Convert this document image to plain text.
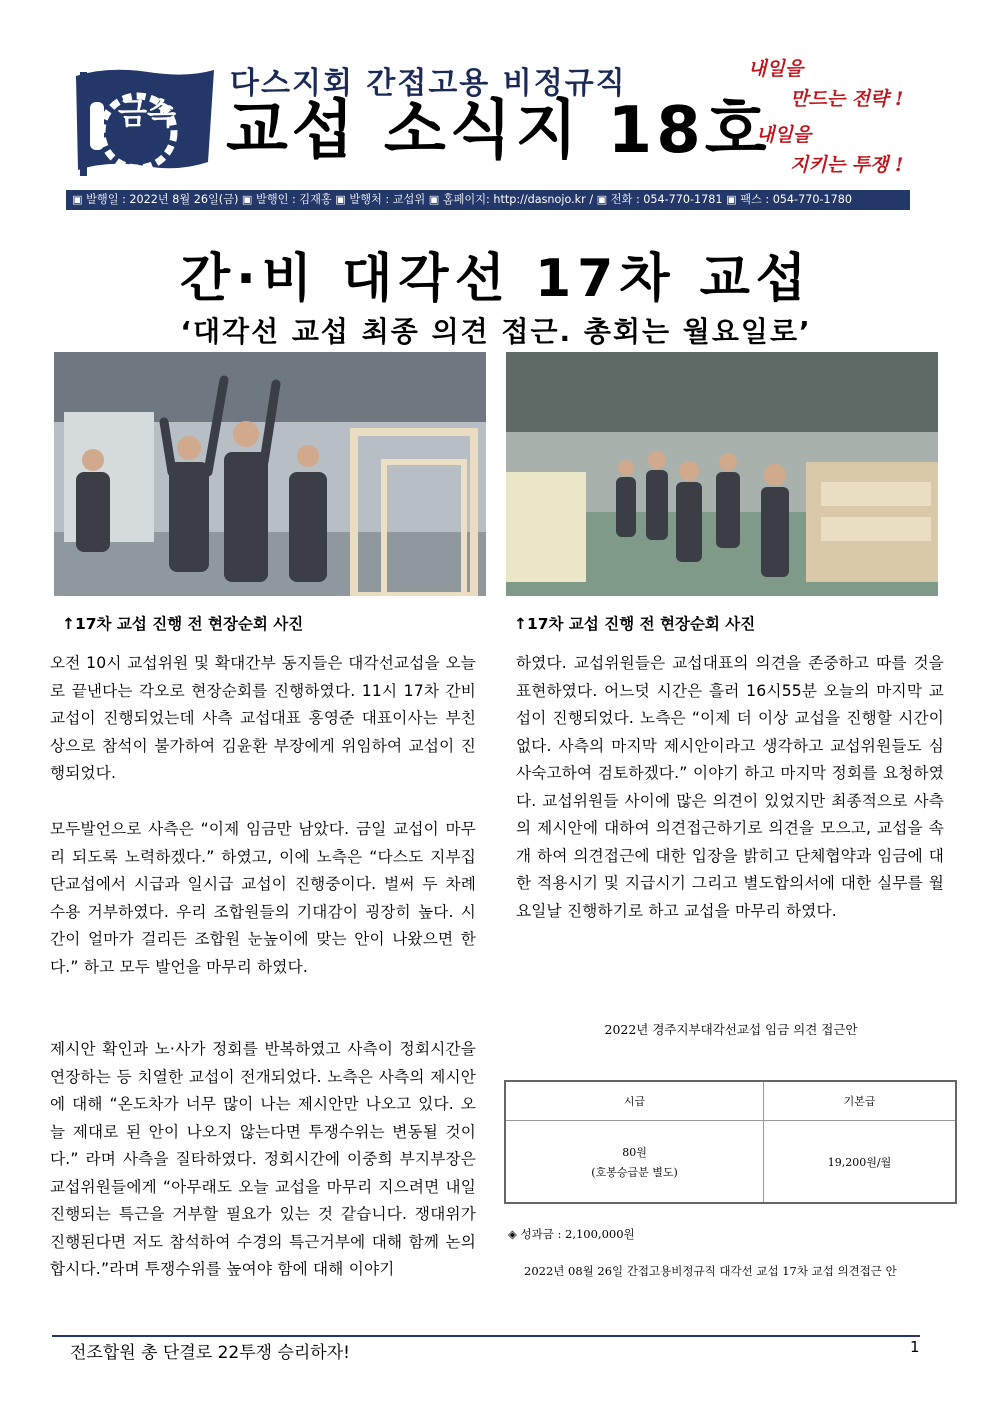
금속
다스지회 간접고용 비정규직
교섭 소식지 18호
내일을
만드는 전략 !
내일을
지키는 투쟁 !
▣ 발행일 : 2022년 8월 26일(금) ▣ 발행인 : 김재홍 ▣ 발행처 : 교섭위 ▣ 홈페이지: http://dasnojo.kr / ▣ 전화 : 054-770-1781 ▣ 팩스 : 054-770-1780
간·비 대각선 17차 교섭
‘대각선 교섭 최종 의견 접근. 총회는 월요일로’
↑17차 교섭 진행 전 현장순회 사진	↑17차 교섭 진행 전 현장순회 사진

오전 10시 교섭위원 및 확대간부 동지들은 대각선교섭을 오늘로 끝낸다는 각오로 현장순회를 진행하였다. 11시 17차 간비교섭이 진행되었는데 사측 교섭대표 홍영준 대표이사는 부친상으로 참석이 불가하여 김윤환 부장에게 위임하여 교섭이 진행되었다.

모두발언으로 사측은 “이제 임금만 남았다. 금일 교섭이 마무리 되도록 노력하겠다.” 하였고, 이에 노측은 “다스도 지부집단교섭에서 시급과 일시급 교섭이 진행중이다. 벌써 두 차례 수용 거부하였다. 우리 조합원들의 기대감이 굉장히 높다. 시간이 얼마가 걸리든 조합원 눈높이에 맞는 안이 나왔으면 한다.” 하고 모두 발언을 마무리 하였다.

제시안 확인과 노·사가 정회를 반복하였고 사측이 정회시간을 연장하는 등 치열한 교섭이 전개되었다. 노측은 사측의 제시안에 대해 “온도차가 너무 많이 나는 제시안만 나오고 있다. 오늘 제대로 된 안이 나오지 않는다면 투쟁수위는 변동될 것이다.” 라며 사측을 질타하였다. 정회시간에 이중희 부지부장은 교섭위원들에게 “아무래도 오늘 교섭을 마무리 지으려면 내일 진행되는 특근을 거부할 필요가 있는 것 같습니다. 쟁대위가 진행된다면 저도 참석하여 수경의 특근거부에 대해 함께 논의합시다.”라며 투쟁수위를 높여야 함에 대해 이야기

하였다. 교섭위원들은 교섭대표의 의견을 존중하고 따를 것을 표현하였다. 어느덧 시간은 흘러 16시55분 오늘의 마지막 교섭이 진행되었다. 노측은 “이제 더 이상 교섭을 진행할 시간이 없다. 사측의 마지막 제시안이라고 생각하고 교섭위원들도 심사숙고하여 검토하겠다.” 이야기 하고 마지막 정회를 요청하였다. 교섭위원들 사이에 많은 의견이 있었지만 최종적으로 사측의 제시안에 대하여 의견접근하기로 의견을 모으고, 교섭을 속개 하여 의견접근에 대한 입장을 밝히고 단체협약과 임금에 대한 적용시기 및 지급시기 그리고 별도합의서에 대한 실무를 월요일날 진행하기로 하고 교섭을 마무리 하였다.

2022년 경주지부대각선교섭 임금 의견 접근안
시급	기본급

80원
(호봉승급분 별도)	19,200원/월
◈ 성과금 : 2,100,000원
2022년 08월 26일 간접고용비정규직 대각선 교섭 17차 교섭 의견접근 안
전조합원 총 단결로 22투쟁 승리하자!	1
